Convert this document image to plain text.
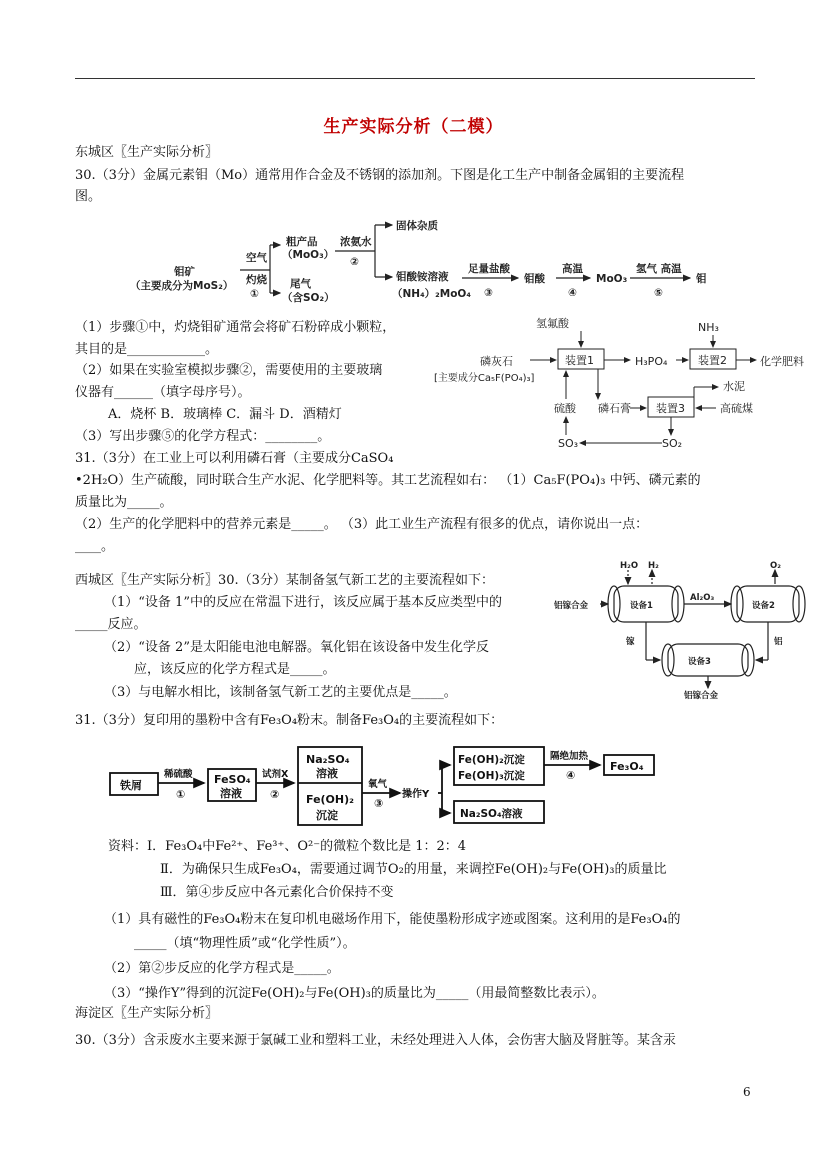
生产实际分析（二模）
东城区〖生产实际分析〗
30.（3分）金属元素钼（Mo）通常用作合金及不锈钢的添加剂。下图是化工生产中制备金属钼的主要流程
图。
钼矿
（主要成分为MoS₂）
空气
灼烧
①
粗产品
（MoO₃）
尾气
（含SO₂）
浓氨水
②
固体杂质
钼酸铵溶液
（NH₄）₂MoO₄
足量盐酸
③
钼酸
高温
④
MoO₃
氢气 高温
⑤
钼
（1）步骤①中，灼烧钼矿通常会将矿石粉碎成小颗粒，
其目的是____________。
（2）如果在实验室模拟步骤②，需要使用的主要玻璃
仪器有______（填字母序号）。
A．烧杯 B．玻璃棒 C．漏斗 D．酒精灯
（3）写出步骤⑤的化学方程式：________。
氢氟酸	NH₃
磷灰石
[主要成分Ca₅F(PO₄)₃]
装置1	H₃PO₄	装置2	化学肥料
水泥
硫酸 磷石膏 装置3	高硫煤
SO₃	SO₂
31.（3分）在工业上可以利用磷石膏（主要成分CaSO₄
•2H₂O）生产硫酸，同时联合生产水泥、化学肥料等。其工艺流程如右： （1）Ca₅F(PO₄)₃ 中钙、磷元素的
质量比为_____。
（2）生产的化学肥料中的营养元素是_____。 （3）此工业生产流程有很多的优点，请你说出一点：
____。
西城区〖生产实际分析〗30.（3分）某制备氢气新工艺的主要流程如下：
（1）“设备 1”中的反应在常温下进行，该反应属于基本反应类型中的
_____反应。
（2）“设备 2”是太阳能电池电解器。氧化铝在该设备中发生化学反
应，该反应的化学方程式是_____。
（3）与电解水相比，该制备氢气新工艺的主要优点是_____。
H₂O H₂	O₂
铝镓合金	设备1
Al₂O₃
设备2
镓	铝
设备3
铝镓合金
31.（3分）复印用的墨粉中含有Fe₃O₄粉末。制备Fe₃O₄的主要流程如下：
铁屑
稀硫酸
①
FeSO₄
溶液
试剂X
②
Na₂SO₄
溶液
Fe(OH)₂
沉淀
氧气
③
操作Y
Fe(OH)₂沉淀
Fe(OH)₃沉淀
隔绝加热
④
Fe₃O₄
Na₂SO₄溶液
资料：Ⅰ．Fe₃O₄中Fe²⁺、Fe³⁺、O²⁻的微粒个数比是 1：2：4
Ⅱ．为确保只生成Fe₃O₄，需要通过调节O₂的用量，来调控Fe(OH)₂与Fe(OH)₃的质量比
Ⅲ．第④步反应中各元素化合价保持不变
（1）具有磁性的Fe₃O₄粉末在复印机电磁场作用下，能使墨粉形成字迹或图案。这利用的是Fe₃O₄的
_____（填“物理性质”或“化学性质”）。
（2）第②步反应的化学方程式是_____。
（3）“操作Y”得到的沉淀Fe(OH)₂与Fe(OH)₃的质量比为_____（用最简整数比表示）。
海淀区〖生产实际分析〗
30.（3分）含汞废水主要来源于氯碱工业和塑料工业，未经处理进入人体，会伤害大脑及肾脏等。某含汞
6
